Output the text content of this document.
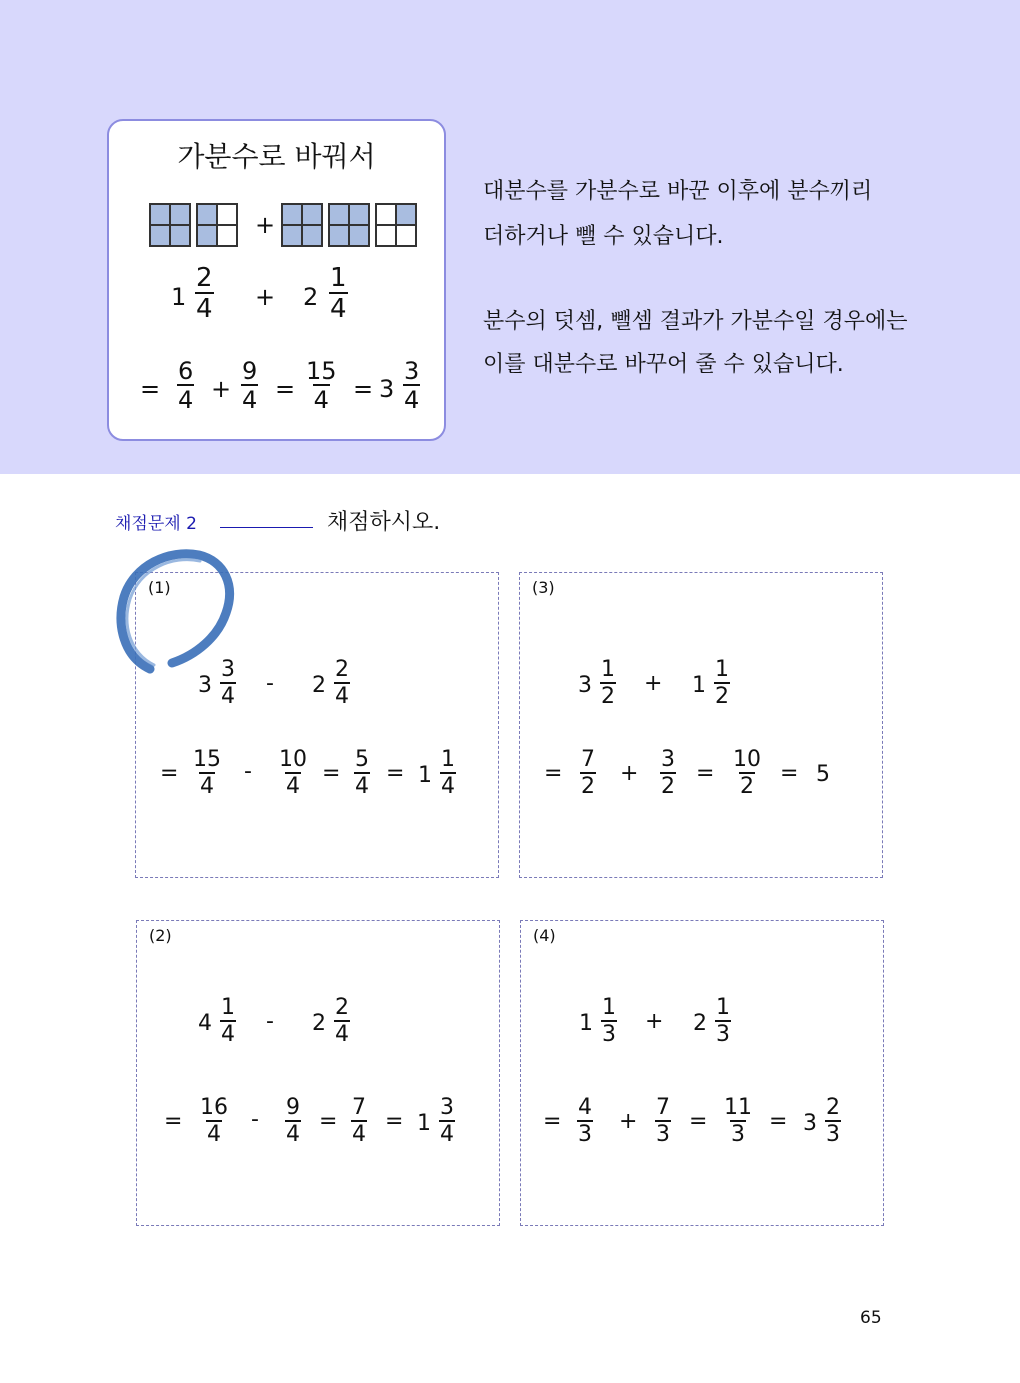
가분수로 바꿔서
+
$1 \frac{2}{4} + 2 \frac{1}{4}$
= $\frac{6}{4} + \frac{9}{4} = \frac{15}{4} = 3 \frac{3}{4}$
대분수를 가분수로 바꾼 이후에 분수끼리
더하거나 뺄 수 있습니다.
분수의 덧셈, 뺄셈 결과가 가분수일 경우에는
이를 대분수로 바꾸어 줄 수 있습니다.
채점문제 2	채점하시오.
(1)
$3 \frac{3}{4} - 2 \frac{2}{4}$
= $\frac{15}{4} - \frac{10}{4} = \frac{5}{4} = 1 \frac{1}{4}$
(3)
$3 \frac{1}{2} + 1 \frac{1}{2}$
= $\frac{7}{2} + \frac{3}{2} = \frac{10}{2} = 5$
(2)
$4 \frac{1}{4} - 2 \frac{2}{4}$
= $\frac{16}{4} - \frac{9}{4} = \frac{7}{4} = 1 \frac{3}{4}$
(4)
$1 \frac{1}{3} + 2 \frac{1}{3}$
= $\frac{4}{3} + \frac{7}{3} = \frac{11}{3} = 3 \frac{2}{3}$
65
